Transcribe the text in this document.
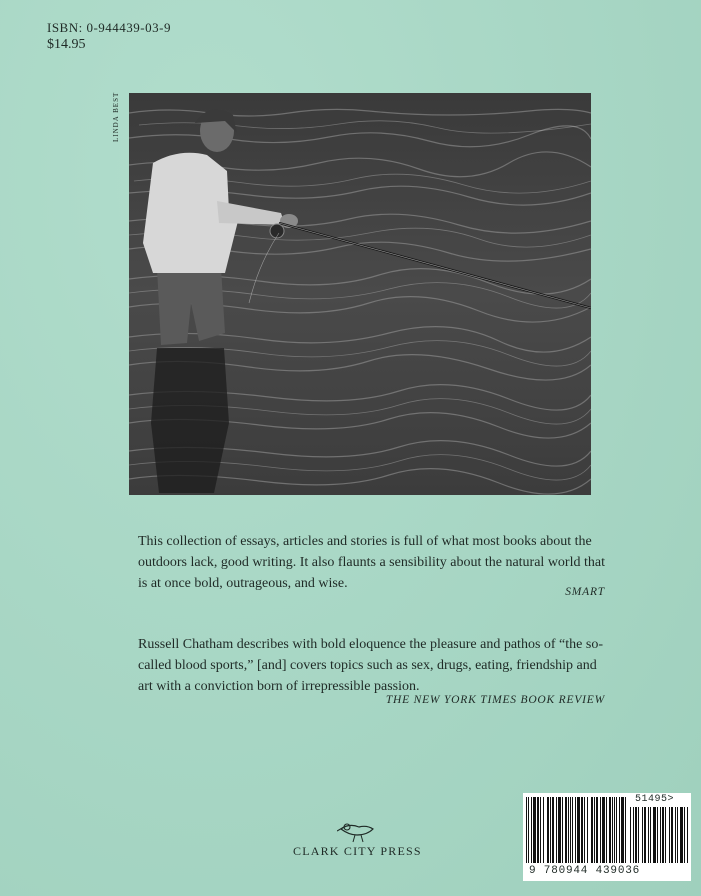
ISBN: 0-944439-03-9
$14.95
LINDA BEST

This collection of essays, articles and stories is full of what most books about the outdoors lack, good writing. It also flaunts a sensibility about the natural world that is at once bold, outrageous, and wise.

SMART

Russell Chatham describes with bold eloquence the pleasure and pathos of “the so-called blood sports,” [and] covers topics such as sex, drugs, eating, friendship and art with a conviction born of irrepressible passion.

THE NEW YORK TIMES BOOK REVIEW
CLARK CITY PRESS
51495>
9 780944 439036
